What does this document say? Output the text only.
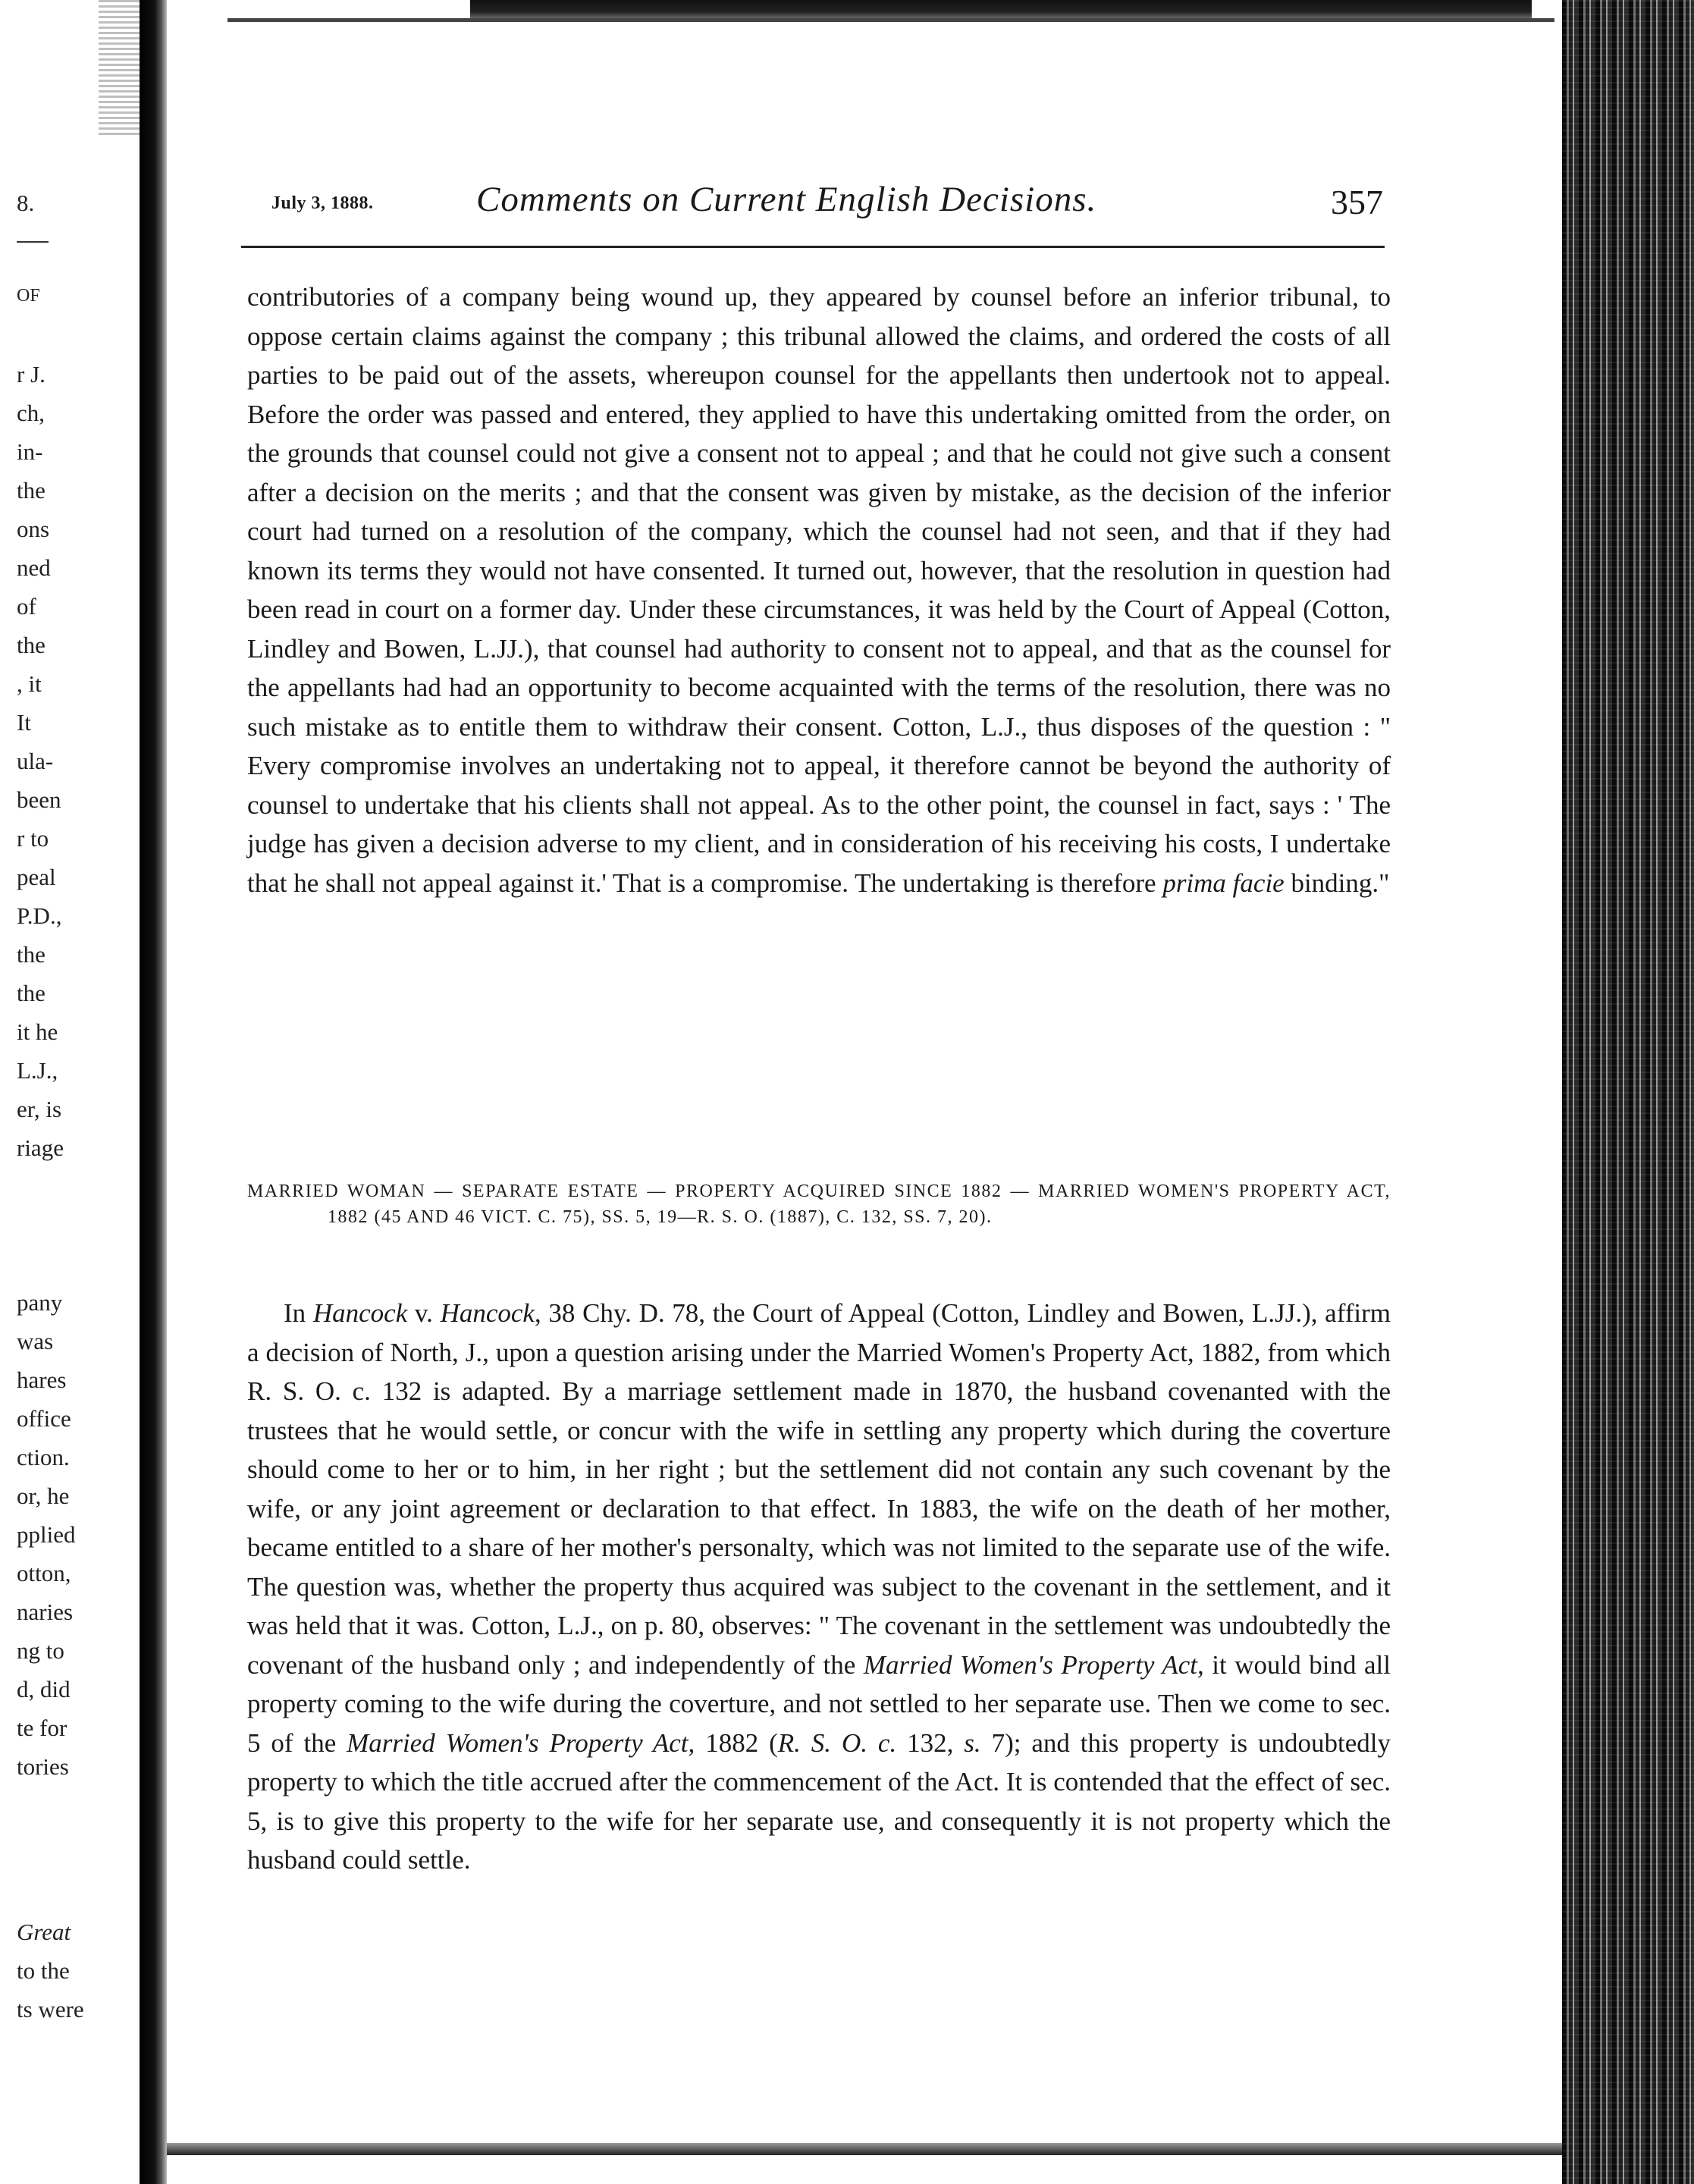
8.
OF
r J.
ch,
in-
the
ons
ned
of
the
, it
It
ula-
been
r to
peal
P.D.,
the
the
it he
L.J.,
er, is
riage
pany
was
hares
office
ction.
or, he
pplied
otton,
naries
ng to
d, did
te for
tories
Great
to the
ts were
July 3, 1888.	Comments on Current English Decisions.	357
contributories of a company being wound up, they appeared by counsel before an inferior tribunal, to oppose certain claims against the company ; this tribunal allowed the claims, and ordered the costs of all parties to be paid out of the assets, whereupon counsel for the appellants then undertook not to appeal. Before the order was passed and entered, they applied to have this undertaking omitted from the order, on the grounds that counsel could not give a consent not to appeal ; and that he could not give such a consent after a decision on the merits ; and that the consent was given by mistake, as the decision of the inferior court had turned on a resolution of the company, which the counsel had not seen, and that if they had known its terms they would not have consented. It turned out, however, that the resolution in question had been read in court on a former day. Under these circumstances, it was held by the Court of Appeal (Cotton, Lindley and Bowen, L.JJ.), that counsel had authority to consent not to appeal, and that as the counsel for the appellants had had an opportunity to become acquainted with the terms of the resolution, there was no such mistake as to entitle them to withdraw their consent. Cotton, L.J., thus disposes of the question : " Every compromise involves an undertaking not to appeal, it therefore cannot be beyond the authority of counsel to undertake that his clients shall not appeal. As to the other point, the counsel in fact, says : ' The judge has given a decision adverse to my client, and in consideration of his receiving his costs, I undertake that he shall not appeal against it.' That is a compromise. The undertaking is therefore prima facie binding."
MARRIED WOMAN — SEPARATE ESTATE — PROPERTY ACQUIRED SINCE 1882 — MARRIED WOMEN'S PROPERTY ACT, 1882 (45 AND 46 VICT. C. 75), SS. 5, 19—R. S. O. (1887), C. 132, SS. 7, 20).
In Hancock v. Hancock, 38 Chy. D. 78, the Court of Appeal (Cotton, Lindley and Bowen, L.JJ.), affirm a decision of North, J., upon a question arising under the Married Women's Property Act, 1882, from which R. S. O. c. 132 is adapted. By a marriage settlement made in 1870, the husband covenanted with the trustees that he would settle, or concur with the wife in settling any property which during the coverture should come to her or to him, in her right ; but the settlement did not contain any such covenant by the wife, or any joint agreement or declaration to that effect. In 1883, the wife on the death of her mother, became entitled to a share of her mother's personalty, which was not limited to the separate use of the wife. The question was, whether the property thus acquired was subject to the covenant in the settlement, and it was held that it was. Cotton, L.J., on p. 80, observes: " The covenant in the settlement was undoubtedly the covenant of the husband only ; and independently of the Married Women's Property Act, it would bind all property coming to the wife during the coverture, and not settled to her separate use. Then we come to sec. 5 of the Married Women's Property Act, 1882 (R. S. O. c. 132, s. 7); and this property is undoubtedly property to which the title accrued after the commencement of the Act. It is contended that the effect of sec. 5, is to give this property to the wife for her separate use, and consequently it is not property which the husband could settle.
